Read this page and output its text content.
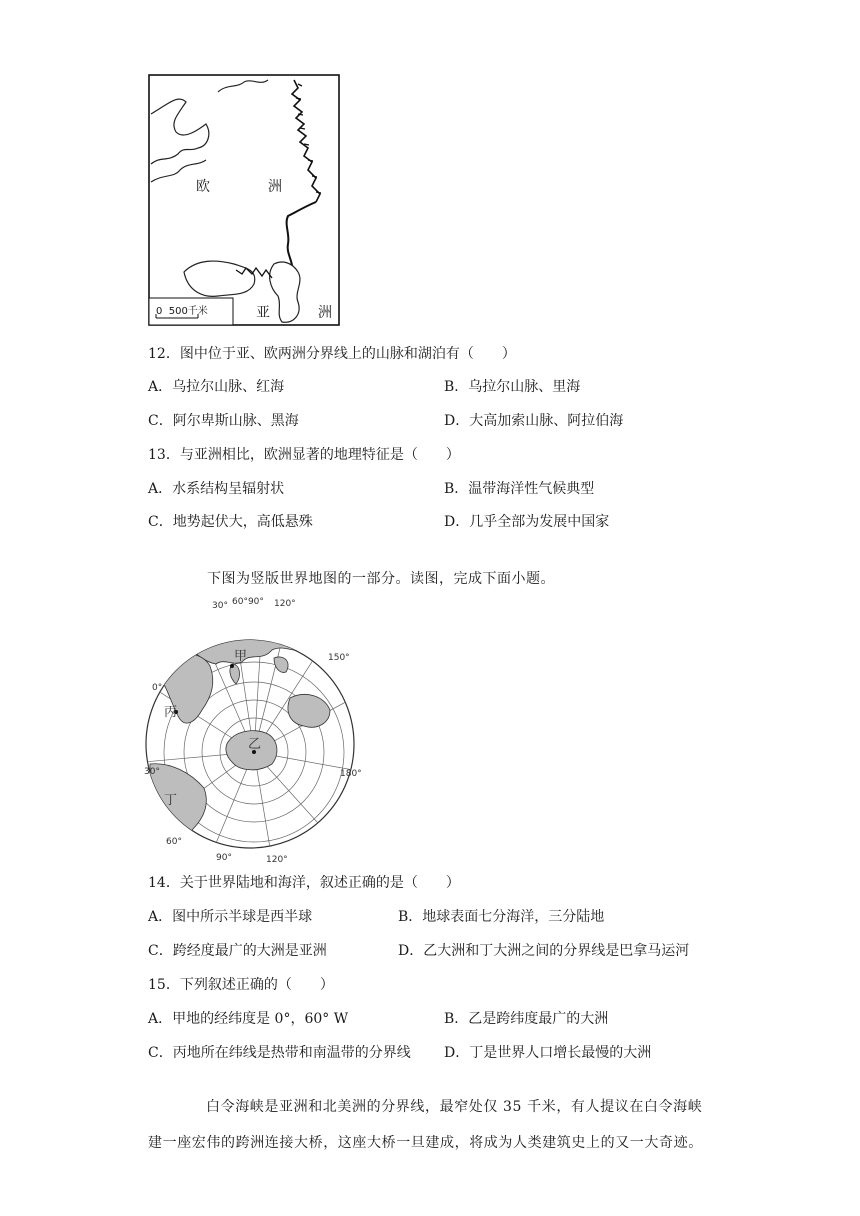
欧	洲
亚	洲
0  500千米
12．图中位于亚、欧两洲分界线上的山脉和湖泊有（　　）
A．乌拉尔山脉、红海	B．乌拉尔山脉、里海
C．阿尔卑斯山脉、黑海	D．大高加索山脉、阿拉伯海
13．与亚洲相比，欧洲显著的地理特征是（　　）
A．水系结构呈辐射状	B．温带海洋性气候典型
C．地势起伏大，高低悬殊	D．几乎全部为发展中国家
下图为竖版世界地图的一部分。读图，完成下面小题。
30° 60°90° 120°
150°
0°
30°	180°
60°
90°	120°
甲
乙
丙
丁
14．关于世界陆地和海洋，叙述正确的是（　　）
A．图中所示半球是西半球	B．地球表面七分海洋，三分陆地
C．跨经度最广的大洲是亚洲	D．乙大洲和丁大洲之间的分界线是巴拿马运河
15．下列叙述正确的（　　）
A．甲地的经纬度是 0°，60° W	B．乙是跨纬度最广的大洲
C．丙地所在纬线是热带和南温带的分界线 D．丁是世界人口增长最慢的大洲
白令海峡是亚洲和北美洲的分界线，最窄处仅 35 千米，有人提议在白令海峡
建一座宏伟的跨洲连接大桥，这座大桥一旦建成，将成为人类建筑史上的又一大奇迹。
